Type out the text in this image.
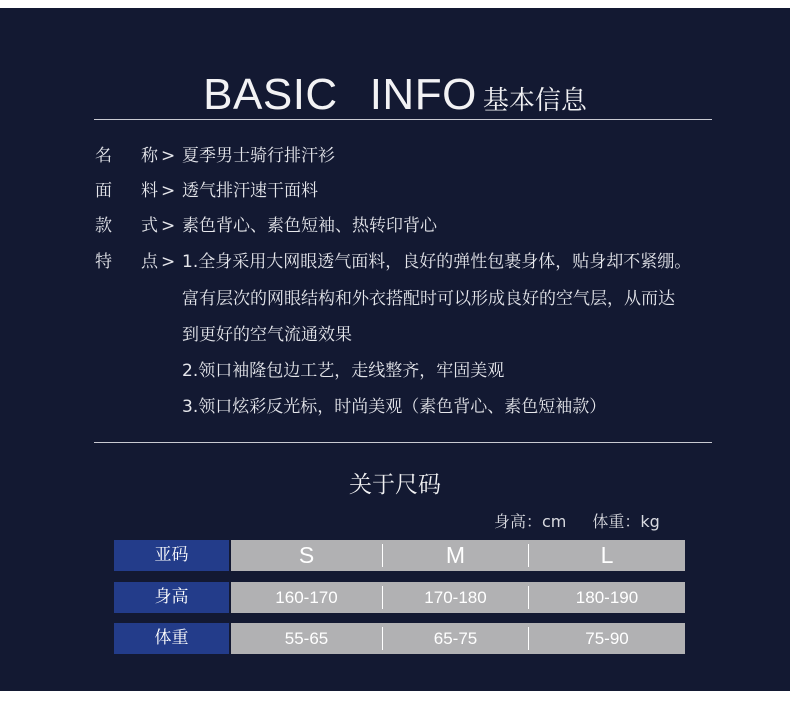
BASIC INFO 基本信息
名 称 > 夏季男士骑行排汗衫
面 料 > 透气排汗速干面料
款 式 > 素色背心、素色短袖、热转印背心
特 点 > 1.全身采用大网眼透气面料，良好的弹性包裹身体，贴身却不紧绷。
富有层次的网眼结构和外衣搭配时可以形成良好的空气层，从而达
到更好的空气流通效果
2.领口袖隆包边工艺，走线整齐，牢固美观
3.领口炫彩反光标，时尚美观（素色背心、素色短袖款）
关于尺码
身高：cm 体重：kg
亚码	S	M	L
身高	160-170	170-180	180-190
体重	55-65	65-75	75-90
